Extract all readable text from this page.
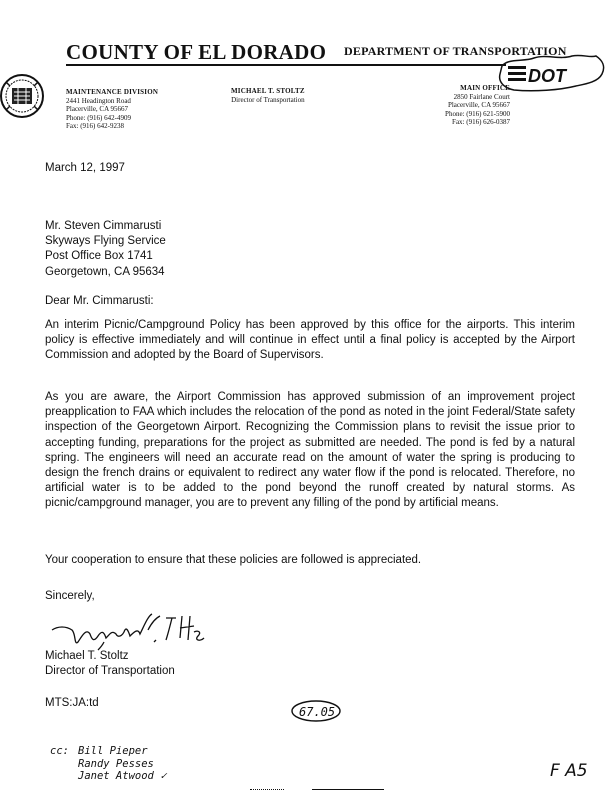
COUNTY OF EL DORADO DEPARTMENT OF TRANSPORTATION
DOT
MAINTENANCE DIVISION
2441 Headington Road
Placerville, CA 95667
Phone: (916) 642-4909
Fax: (916) 642-9238
MICHAEL T. STOLTZ
Director of Transportation
MAIN OFFICE
2850 Fairlane Court
Placerville, CA 95667
Phone: (916) 621-5900
Fax: (916) 626-0387
March 12, 1997
Mr. Steven Cimmarusti
Skyways Flying Service
Post Office Box 1741
Georgetown, CA 95634
Dear Mr. Cimmarusti:
An interim Picnic/Campground Policy has been approved by this office for the airports. This interim policy is effective immediately and will continue in effect until a final policy is accepted by the Airport Commission and adopted by the Board of Supervisors.
As you are aware, the Airport Commission has approved submission of an improvement project preapplication to FAA which includes the relocation of the pond as noted in the joint Federal/State safety inspection of the Georgetown Airport. Recognizing the Commission plans to revisit the issue prior to accepting funding, preparations for the project as submitted are needed. The pond is fed by a natural spring. The engineers will need an accurate read on the amount of water the spring is producing to design the french drains or equivalent to redirect any water flow if the pond is relocated. Therefore, no artificial water is to be added to the pond beyond the runoff created by natural storms. As picnic/campground manager, you are to prevent any filling of the pond by artificial means.
Your cooperation to ensure that these policies are followed is appreciated.
Sincerely,
Michael T. Stoltz
Director of Transportation
MTS:JA:td
67.05
cc: Bill Pieper
Randy Pesses
Janet Atwood ✓	F A5
